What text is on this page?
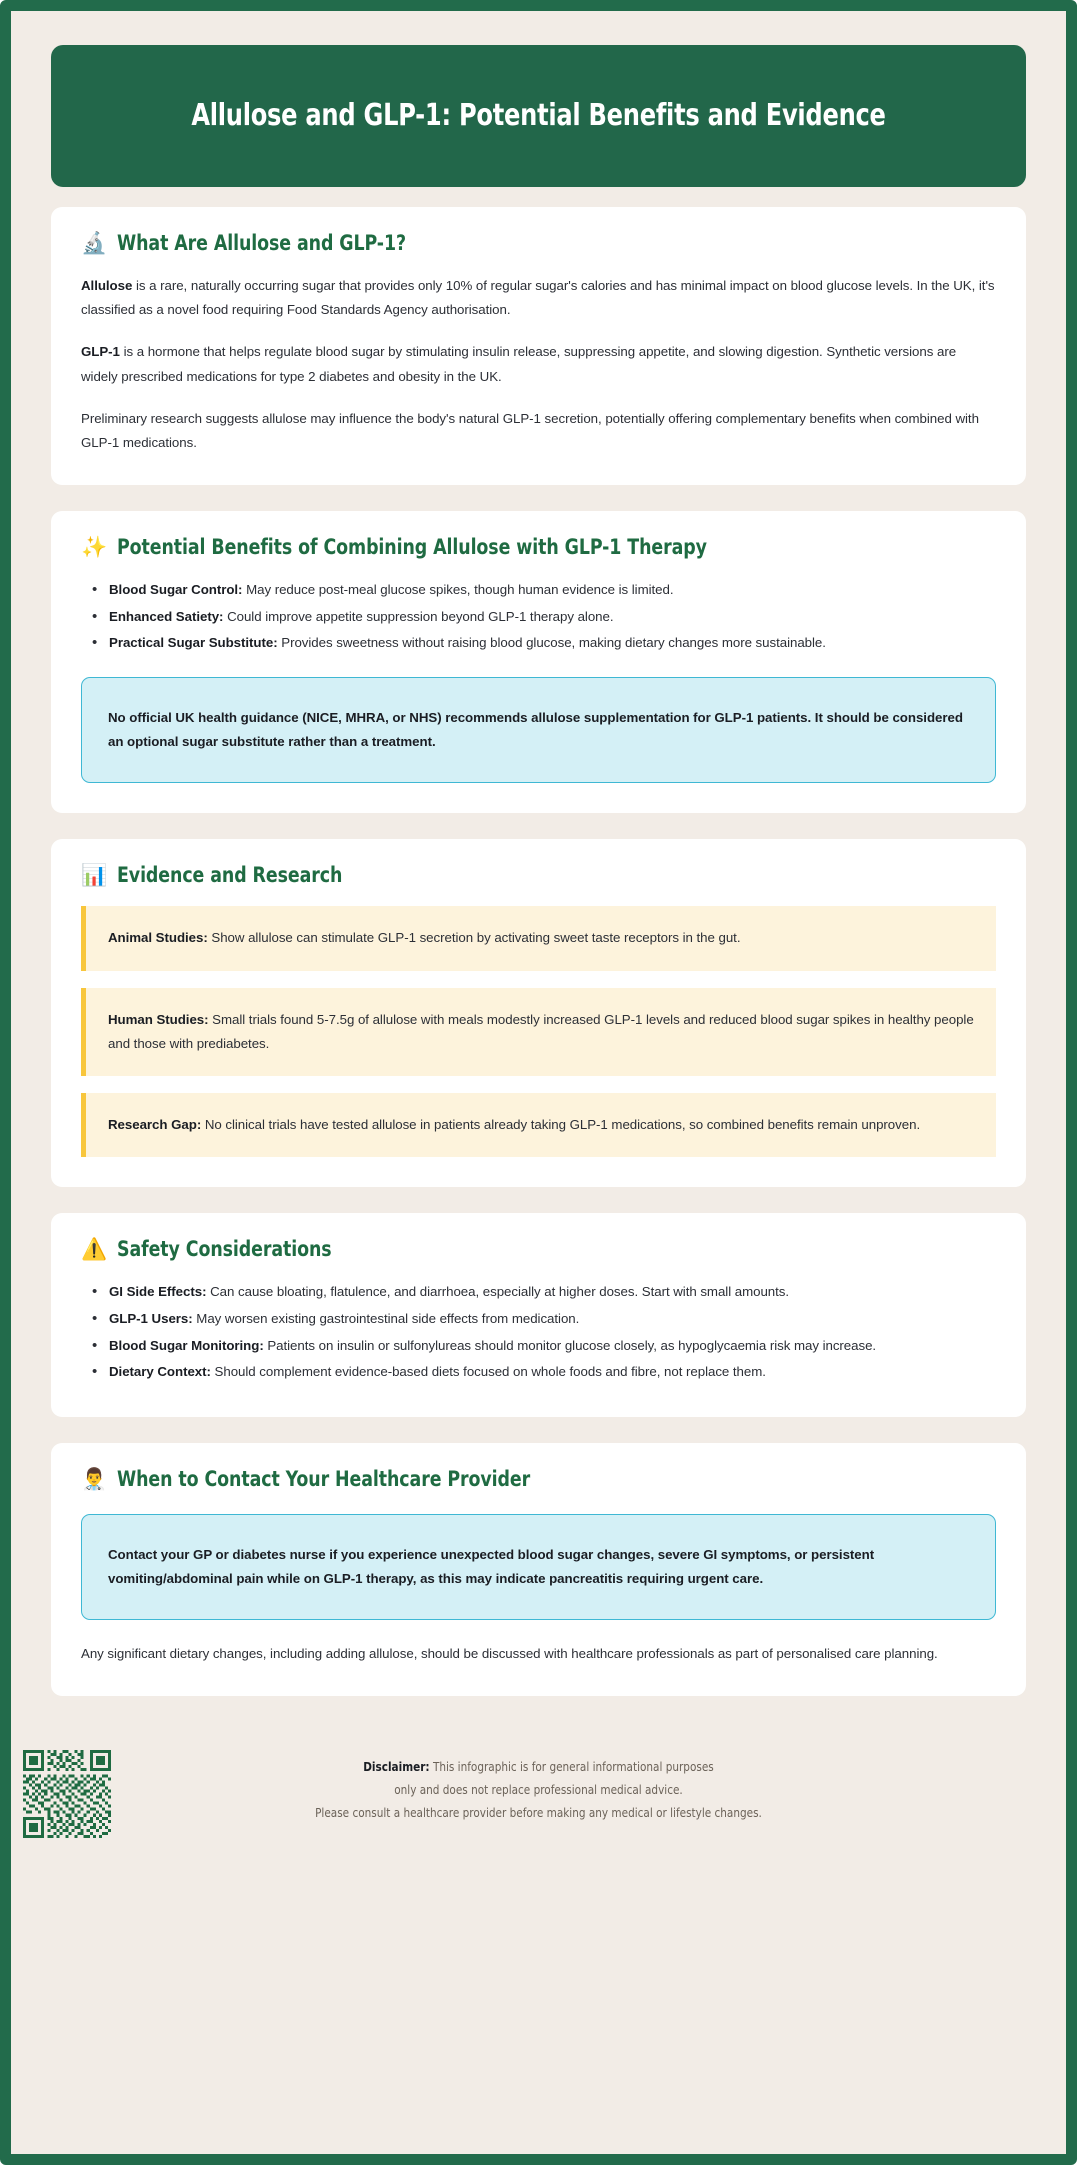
Allulose and GLP-1: Potential Benefits and Evidence
🔬 What Are Allulose and GLP-1?

Allulose is a rare, naturally occurring sugar that provides only 10% of regular sugar's calories and has minimal impact on blood glucose levels. In the UK, it's classified as a novel food requiring Food Standards Agency authorisation.

GLP-1 is a hormone that helps regulate blood sugar by stimulating insulin release, suppressing appetite, and slowing digestion. Synthetic versions are widely prescribed medications for type 2 diabetes and obesity in the UK.

Preliminary research suggests allulose may influence the body's natural GLP-1 secretion, potentially offering complementary benefits when combined with GLP-1 medications.

✨ Potential Benefits of Combining Allulose with GLP-1 Therapy
• Blood Sugar Control: May reduce post-meal glucose spikes, though human evidence is limited.
• Enhanced Satiety: Could improve appetite suppression beyond GLP-1 therapy alone.
• Practical Sugar Substitute: Provides sweetness without raising blood glucose, making dietary changes more sustainable.
No official UK health guidance (NICE, MHRA, or NHS) recommends allulose supplementation for GLP-1 patients. It should be considered an optional sugar substitute rather than a treatment.
📊 Evidence and Research
Animal Studies: Show allulose can stimulate GLP-1 secretion by activating sweet taste receptors in the gut.
Human Studies: Small trials found 5-7.5g of allulose with meals modestly increased GLP-1 levels and reduced blood sugar spikes in healthy people and those with prediabetes.
Research Gap: No clinical trials have tested allulose in patients already taking GLP-1 medications, so combined benefits remain unproven.
⚠️ Safety Considerations
• GI Side Effects: Can cause bloating, flatulence, and diarrhoea, especially at higher doses. Start with small amounts.
• GLP-1 Users: May worsen existing gastrointestinal side effects from medication.
• Blood Sugar Monitoring: Patients on insulin or sulfonylureas should monitor glucose closely, as hypoglycaemia risk may increase.
• Dietary Context: Should complement evidence-based diets focused on whole foods and fibre, not replace them.
👨‍⚕️ When to Contact Your Healthcare Provider
Contact your GP or diabetes nurse if you experience unexpected blood sugar changes, severe GI symptoms, or persistent vomiting/abdominal pain while on GLP-1 therapy, as this may indicate pancreatitis requiring urgent care.

Any significant dietary changes, including adding allulose, should be discussed with healthcare professionals as part of personalised care planning.

Disclaimer: This infographic is for general informational purposes
only and does not replace professional medical advice.
Please consult a healthcare provider before making any medical or lifestyle changes.
